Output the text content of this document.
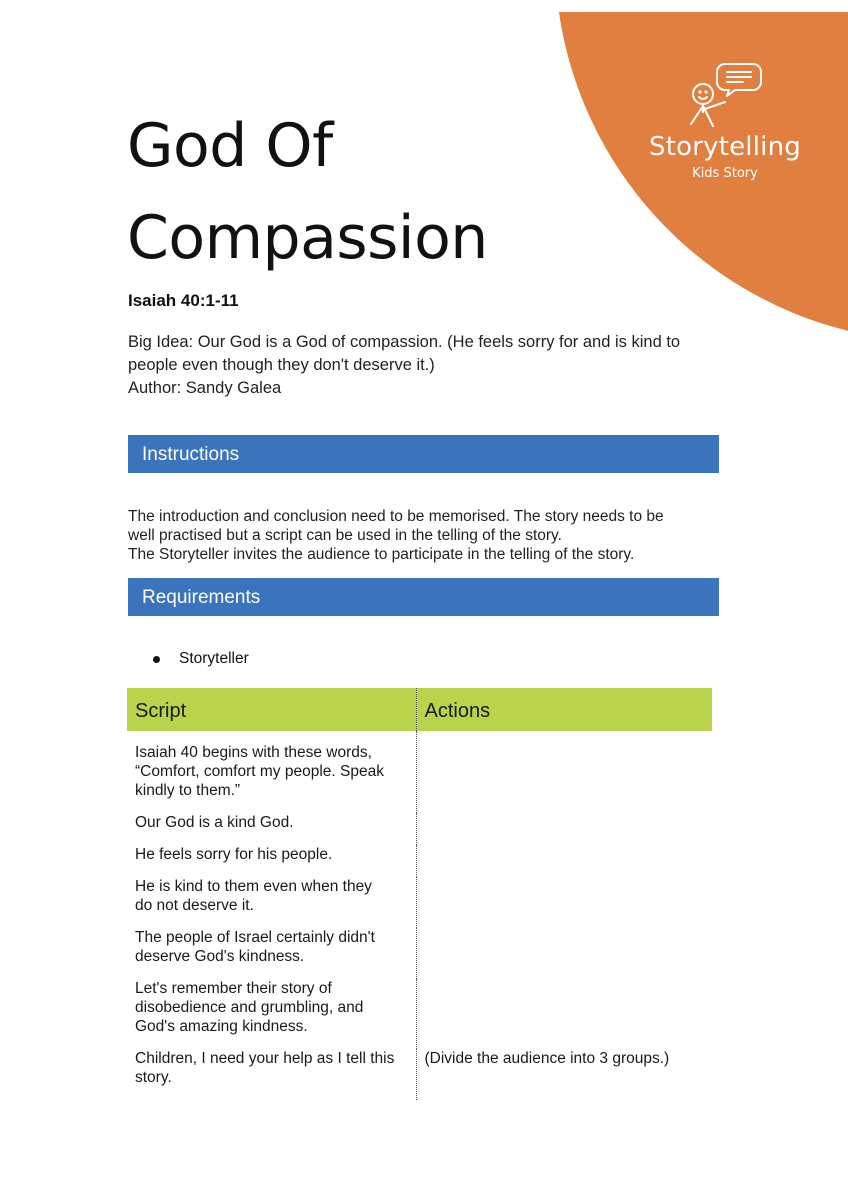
Storytelling
Kids Story
God Of
Compassion
Isaiah 40:1-11
Big Idea: Our God is a God of compassion. (He feels sorry for and is kind to
people even though they don't deserve it.)
Author: Sandy Galea
Instructions
The introduction and conclusion need to be memorised. The story needs to be
well practised but a script can be used in the telling of the story.
The Storyteller invites the audience to participate in the telling of the story.
Requirements
Storyteller
Script	Actions

Isaiah 40 begins with these words,
“Comfort, comfort my people. Speak
kindly to them.”	

Our God is a kind God.	

He feels sorry for his people.	

He is kind to them even when they
do not deserve it.	

The people of Israel certainly didn't
deserve God's kindness.	

Let's remember their story of
disobedience and grumbling, and
God's amazing kindness.	

Children, I need your help as I tell this
story.	(Divide the audience into 3 groups.)
